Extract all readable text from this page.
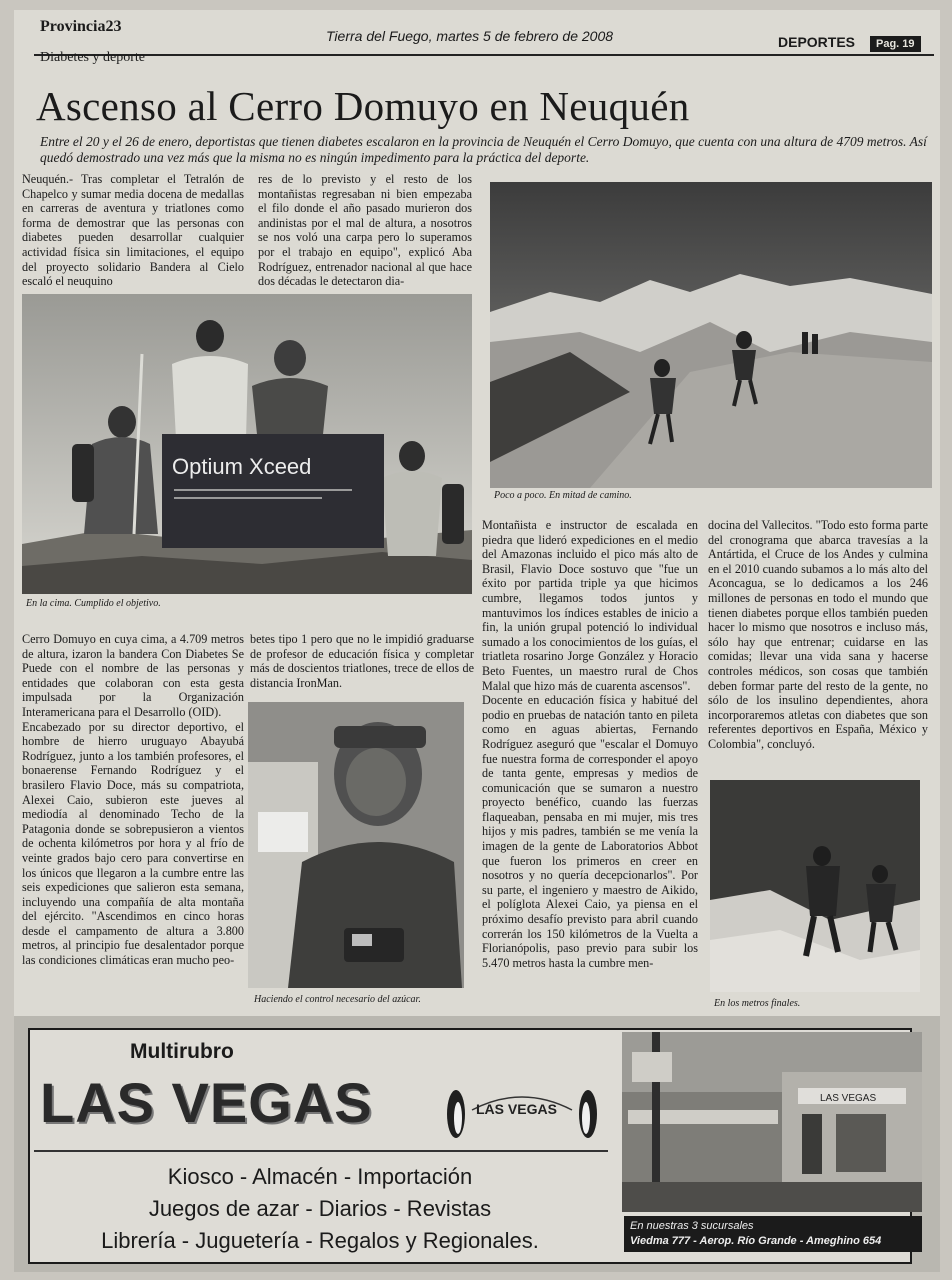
Provincia23
Tierra del Fuego, martes 5 de febrero de 2008	DEPORTES	Pag. 19
Diabetes y deporte
Ascenso al Cerro Domuyo en Neuquén
Entre el 20 y el 26 de enero, deportistas que tienen diabetes escalaron en la provincia de Neuquén el Cerro Domuyo, que cuenta con una altura de 4709 metros. Así quedó demostrado una vez más que la misma no es ningún impedimento para la práctica del deporte.

Neuquén.- Tras completar el Tetralón de Chapelco y sumar media docena de medallas en carreras de aventura y triatlones como forma de demostrar que las personas con diabetes pueden desarrollar cualquier actividad física sin limitaciones, el equipo del proyecto solidario Bandera al Cielo escaló el neuquino

res de lo previsto y el resto de los montañistas regresaban ni bien empezaba el filo donde el año pasado murieron dos andinistas por el mal de altura, a nosotros se nos voló una carpa pero lo superamos por el trabajo en equipo", explicó Aba Rodríguez, entrenador nacional al que hace dos décadas le detectaron dia-

Optium Xceed
En la cima. Cumplido el objetivo.
Poco a poco. En mitad de camino.

Cerro Domuyo en cuya cima, a 4.709 metros de altura, izaron la bandera Con Diabetes Se Puede con el nombre de las personas y entidades que colaboran con esta gesta impulsada por la Organización Interamericana para el Desarrollo (OID).

Encabezado por su director deportivo, el hombre de hierro uruguayo Abayubá Rodríguez, junto a los también profesores, el bonaerense Fernando Rodríguez y el brasilero Flavio Doce, más su compatriota, Alexei Caio, subieron este jueves al mediodía al denominado Techo de la Patagonia donde se sobrepusieron a vientos de ochenta kilómetros por hora y al frío de veinte grados bajo cero para convertirse en los únicos que llegaron a la cumbre entre las seis expediciones que salieron esta semana, incluyendo una compañía de alta montaña del ejército. "Ascendimos en cinco horas desde el campamento de altura a 3.800 metros, al principio fue desalentador porque las condiciones climáticas eran mucho peo-

betes tipo 1 pero que no le impidió graduarse de profesor de educación física y completar más de doscientos triatlones, trece de ellos de distancia IronMan.

Haciendo el control necesario del azúcar.

Montañista e instructor de escalada en piedra que lideró expediciones en el medio del Amazonas incluido el pico más alto de Brasil, Flavio Doce sostuvo que "fue un éxito por partida triple ya que hicimos cumbre, llegamos todos juntos y mantuvimos los índices estables de inicio a fin, la unión grupal potenció lo individual sumado a los conocimientos de los guías, el triatleta rosarino Jorge González y Horacio Beto Fuentes, un maestro rural de Chos Malal que hizo más de cuarenta ascensos".

Docente en educación física y habitué del podio en pruebas de natación tanto en pileta como en aguas abiertas, Fernando Rodríguez aseguró que "escalar el Domuyo fue nuestra forma de corresponder el apoyo de tanta gente, empresas y medios de comunicación que se sumaron a nuestro proyecto benéfico, cuando las fuerzas flaqueaban, pensaba en mi mujer, mis tres hijos y mis padres, también se me venía la imagen de la gente de Laboratorios Abbot que fueron los primeros en creer en nosotros y no quería decepcionarlos". Por su parte, el ingeniero y maestro de Aikido, el políglota Alexei Caio, ya piensa en el próximo desafío previsto para abril cuando correrán los 150 kilómetros de la Vuelta a Florianópolis, paso previo para subir los 5.470 metros hasta la cumbre men-

docina del Vallecitos. "Todo esto forma parte del cronograma que abarca travesías a la Antártida, el Cruce de los Andes y culmina en el 2010 cuando subamos a lo más alto del Aconcagua, se lo dedicamos a los 246 millones de personas en todo el mundo que tienen diabetes porque ellos también pueden hacer lo mismo que nosotros e incluso más, sólo hay que entrenar; cuidarse en las comidas; llevar una vida sana y hacerse controles médicos, son cosas que también deben formar parte del resto de la gente, no sólo de los insulino dependientes, ahora incorporaremos atletas con diabetes que son referentes deportivos en España, México y Colombia", concluyó.

En los metros finales.
Multirubro
LAS VEGAS	LAS VEGAS
Kiosco - Almacén - Importación
Juegos de azar - Diarios - Revistas
Librería - Juguetería - Regalos y Regionales.
LAS VEGAS
En nuestras 3 sucursales
Viedma 777 - Aerop. Río Grande - Ameghino 654
